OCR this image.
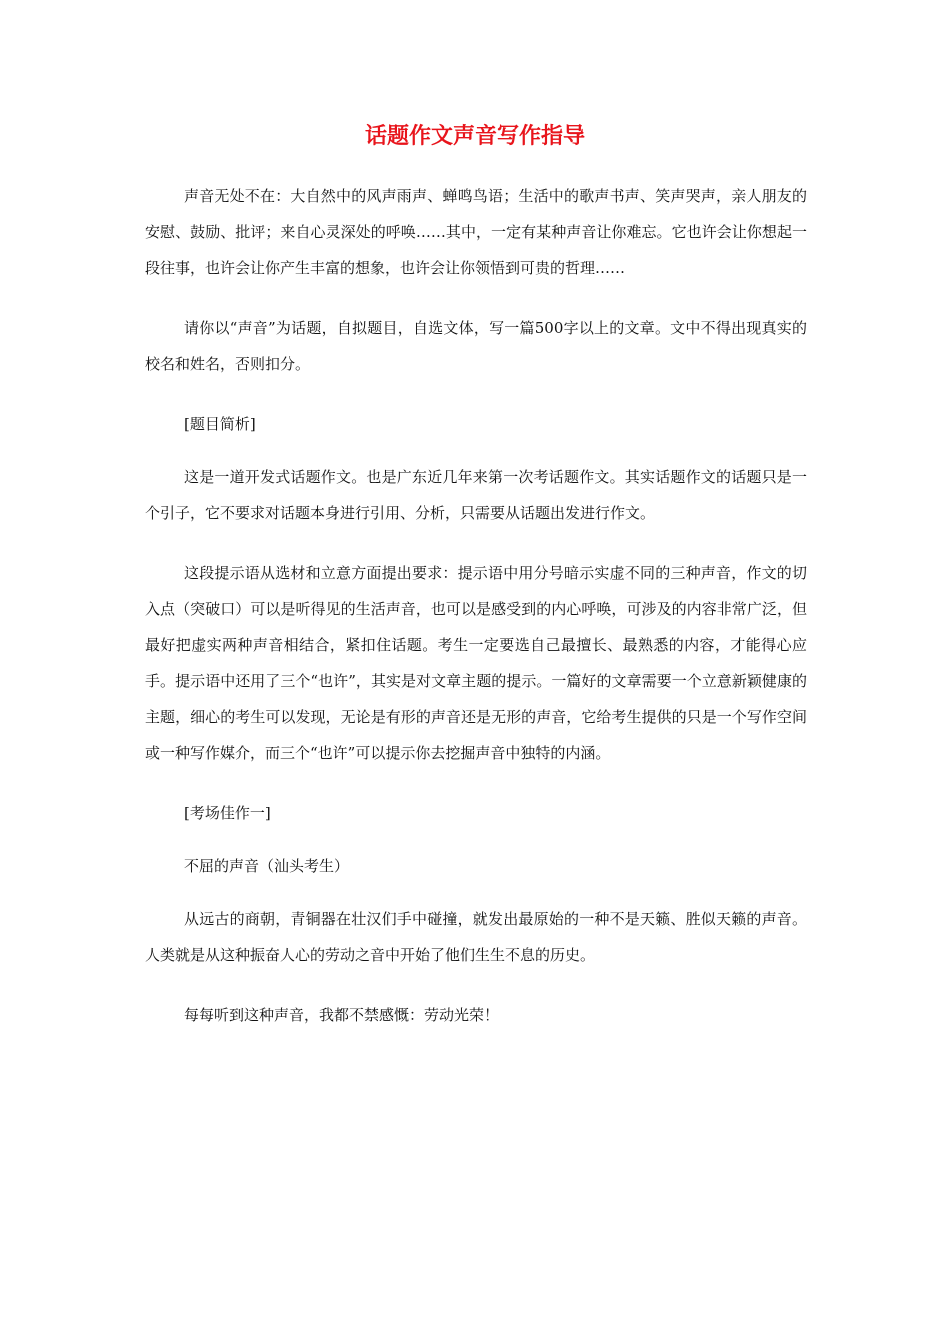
话题作文声音写作指导

声音无处不在：大自然中的风声雨声、蝉鸣鸟语；生活中的歌声书声、笑声哭声，亲人朋友的安慰、鼓励、批评；来自心灵深处的呼唤……其中，一定有某种声音让你难忘。它也许会让你想起一段往事，也许会让你产生丰富的想象，也许会让你领悟到可贵的哲理……

请你以“声音”为话题，自拟题目，自选文体，写一篇500字以上的文章。文中不得出现真实的校名和姓名，否则扣分。

[题目简析]

这是一道开发式话题作文。也是广东近几年来第一次考话题作文。其实话题作文的话题只是一个引子，它不要求对话题本身进行引用、分析，只需要从话题出发进行作文。

这段提示语从选材和立意方面提出要求：提示语中用分号暗示实虚不同的三种声音，作文的切入点（突破口）可以是听得见的生活声音，也可以是感受到的内心呼唤，可涉及的内容非常广泛，但最好把虚实两种声音相结合，紧扣住话题。考生一定要选自己最擅长、最熟悉的内容，才能得心应手。提示语中还用了三个“也许”，其实是对文章主题的提示。一篇好的文章需要一个立意新颖健康的主题，细心的考生可以发现，无论是有形的声音还是无形的声音，它给考生提供的只是一个写作空间或一种写作媒介，而三个“也许”可以提示你去挖掘声音中独特的内涵。

[考场佳作一]

不屈的声音（汕头考生）

从远古的商朝，青铜器在壮汉们手中碰撞，就发出最原始的一种不是天籁、胜似天籁的声音。人类就是从这种振奋人心的劳动之音中开始了他们生生不息的历史。

每每听到这种声音，我都不禁感慨：劳动光荣！
